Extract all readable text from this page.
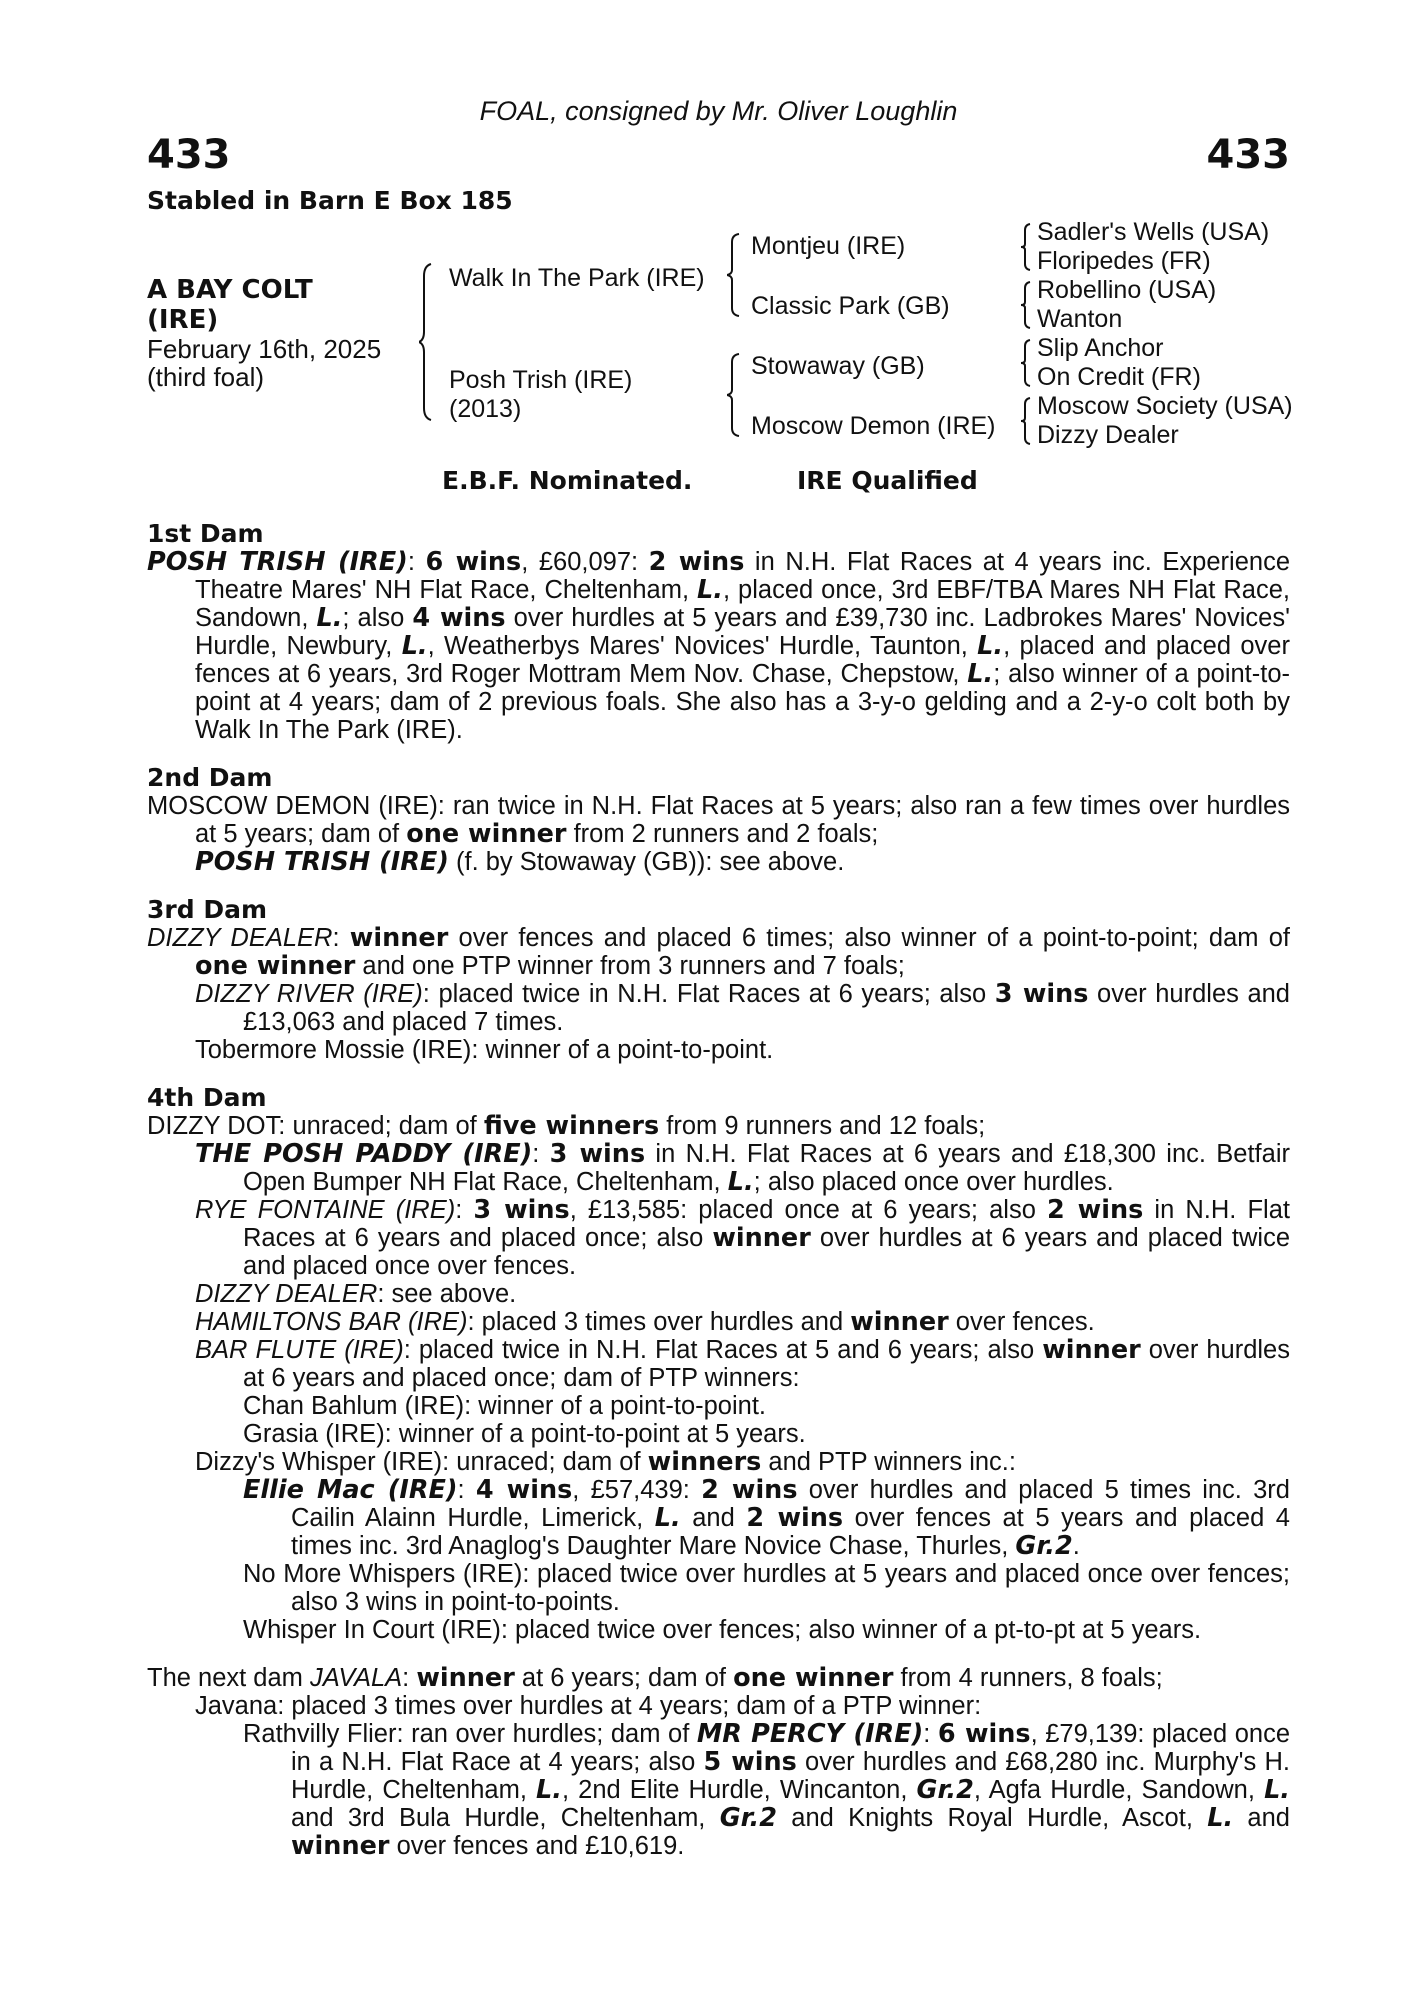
FOAL, consigned by Mr. Oliver Loughlin
433	433
Stabled in Barn E Box 185
A BAY COLT
(IRE)
February 16th, 2025
(third foal)
Walk In The Park (IRE)
Posh Trish (IRE)
(2013)
Montjeu (IRE)
Classic Park (GB)
Stowaway (GB)
Moscow Demon (IRE)
Sadler's Wells (USA)
Floripedes (FR)
Robellino (USA)
Wanton
Slip Anchor
On Credit (FR)
Moscow Society (USA)
Dizzy Dealer
E.B.F. Nominated.	IRE Qualified
1st Dam

POSH TRISH (IRE): 6 wins, £60,097: 2 wins in N.H. Flat Races at 4 years inc. Experience Theatre Mares' NH Flat Race, Cheltenham, L., placed once, 3rd EBF/TBA Mares NH Flat Race, Sandown, L.; also 4 wins over hurdles at 5 years and £39,730 inc. Ladbrokes Mares' Novices' Hurdle, Newbury, L., Weatherbys Mares' Novices' Hurdle, Taunton, L., placed and placed over fences at 6 years, 3rd Roger Mottram Mem Nov. Chase, Chepstow, L.; also winner of a point-to-point at 4 years; dam of 2 previous foals. She also has a 3-y-o gelding and a 2-y-o colt both by Walk In The Park (IRE).

2nd Dam

MOSCOW DEMON (IRE): ran twice in N.H. Flat Races at 5 years; also ran a few times over hurdles at 5 years; dam of one winner from 2 runners and 2 foals;

POSH TRISH (IRE) (f. by Stowaway (GB)): see above.

3rd Dam

DIZZY DEALER: winner over fences and placed 6 times; also winner of a point-to-point; dam of one winner and one PTP winner from 3 runners and 7 foals;

DIZZY RIVER (IRE): placed twice in N.H. Flat Races at 6 years; also 3 wins over hurdles and £13,063 and placed 7 times.

Tobermore Mossie (IRE): winner of a point-to-point.

4th Dam

DIZZY DOT: unraced; dam of five winners from 9 runners and 12 foals;

THE POSH PADDY (IRE): 3 wins in N.H. Flat Races at 6 years and £18,300 inc. Betfair Open Bumper NH Flat Race, Cheltenham, L.; also placed once over hurdles.

RYE FONTAINE (IRE): 3 wins, £13,585: placed once at 6 years; also 2 wins in N.H. Flat Races at 6 years and placed once; also winner over hurdles at 6 years and placed twice and placed once over fences.

DIZZY DEALER: see above.

HAMILTONS BAR (IRE): placed 3 times over hurdles and winner over fences.

BAR FLUTE (IRE): placed twice in N.H. Flat Races at 5 and 6 years; also winner over hurdles at 6 years and placed once; dam of PTP winners:

Chan Bahlum (IRE): winner of a point-to-point.

Grasia (IRE): winner of a point-to-point at 5 years.

Dizzy's Whisper (IRE): unraced; dam of winners and PTP winners inc.:

Ellie Mac (IRE): 4 wins, £57,439: 2 wins over hurdles and placed 5 times inc. 3rd Cailin Alainn Hurdle, Limerick, L. and 2 wins over fences at 5 years and placed 4 times inc. 3rd Anaglog's Daughter Mare Novice Chase, Thurles, Gr.2.

No More Whispers (IRE): placed twice over hurdles at 5 years and placed once over fences; also 3 wins in point-to-points.

Whisper In Court (IRE): placed twice over fences; also winner of a pt-to-pt at 5 years.

The next dam JAVALA: winner at 6 years; dam of one winner from 4 runners, 8 foals;

Javana: placed 3 times over hurdles at 4 years; dam of a PTP winner:

Rathvilly Flier: ran over hurdles; dam of MR PERCY (IRE): 6 wins, £79,139: placed once in a N.H. Flat Race at 4 years; also 5 wins over hurdles and £68,280 inc. Murphy's H. Hurdle, Cheltenham, L., 2nd Elite Hurdle, Wincanton, Gr.2, Agfa Hurdle, Sandown, L. and 3rd Bula Hurdle, Cheltenham, Gr.2 and Knights Royal Hurdle, Ascot, L. and winner over fences and £10,619.
